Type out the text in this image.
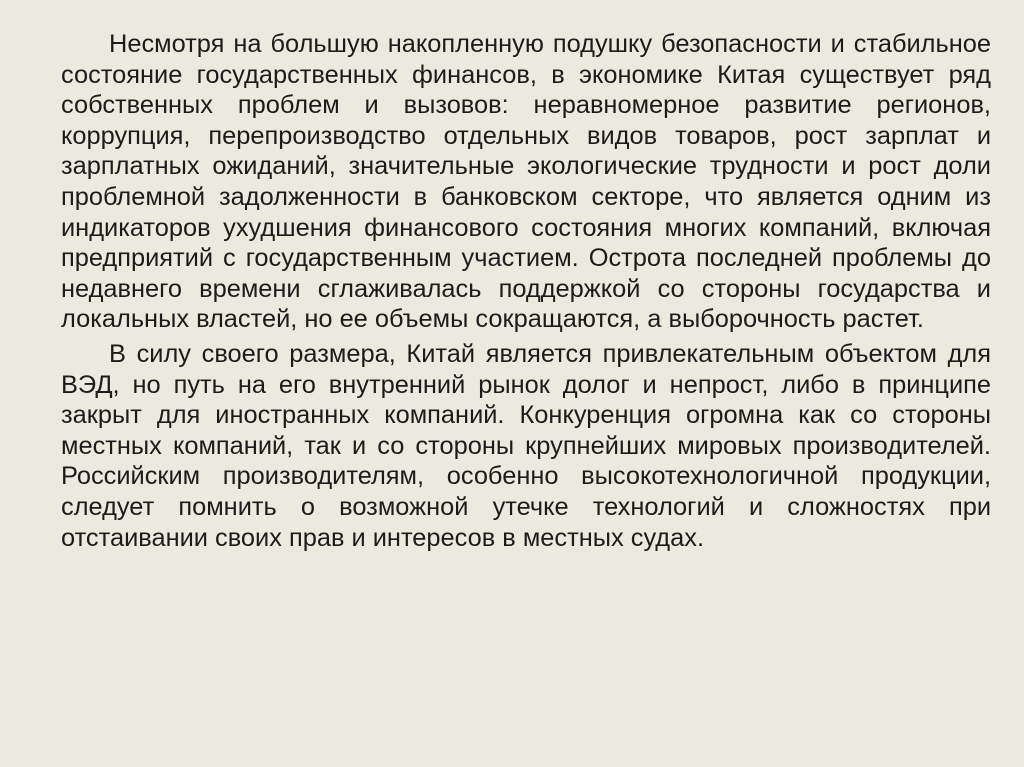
Несмотря на большую накопленную подушку безопасности и стабильное состояние государственных финансов, в экономике Китая существует ряд собственных проблем и вызовов: неравномерное развитие регионов, коррупция, перепроизводство отдельных видов товаров, рост зарплат и зарплатных ожиданий, значительные экологические трудности и рост доли проблемной задолженности в банковском секторе, что является одним из индикаторов ухудшения финансового состояния многих компаний, включая предприятий с государственным участием. Острота последней проблемы до недавнего времени сглаживалась поддержкой со стороны государства и локальных властей, но ее объемы сокращаются, а выборочность растет.

В силу своего размера, Китай является привлекательным объектом для ВЭД, но путь на его внутренний рынок долог и непрост, либо в принципе закрыт для иностранных компаний. Конкуренция огромна как со стороны местных компаний, так и со стороны крупнейших мировых производителей. Российским производителям, особенно высокотехнологичной продукции, следует помнить о возможной утечке технологий и сложностях при отстаивании своих прав и интересов в местных судах.
